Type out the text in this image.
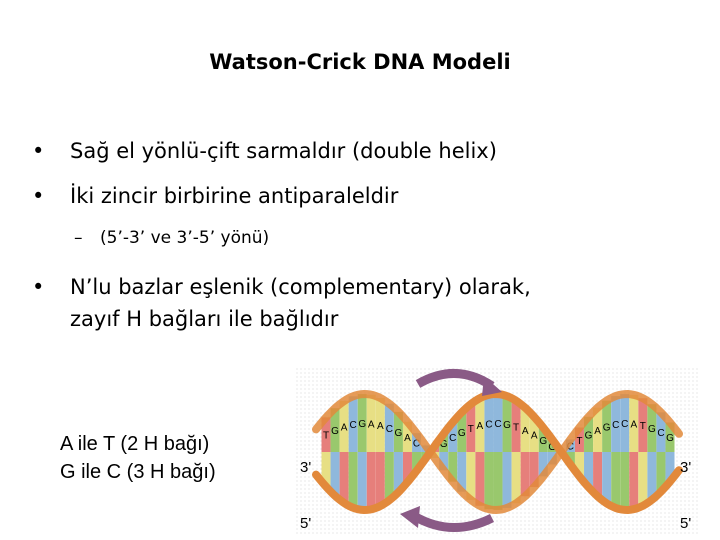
Watson-Crick DNA Modeli
•	Sağ el yönlü-çift sarmaldır (double helix)
•	İki zincir birbirine antiparaleldir
–	(5’-3’ ve 3’-5’ yönü)
•	N’lu bazlar eşlenik (complementary) olarak,
zayıf H bağları ile bağlıdır
A ile T (2 H bağı)
G ile C (3 H bağı)
T G A C G A A C G A
C G
C G T A C C G T A A G
G C
T G A G C C A T G C G
3'
5'
3'
5'
